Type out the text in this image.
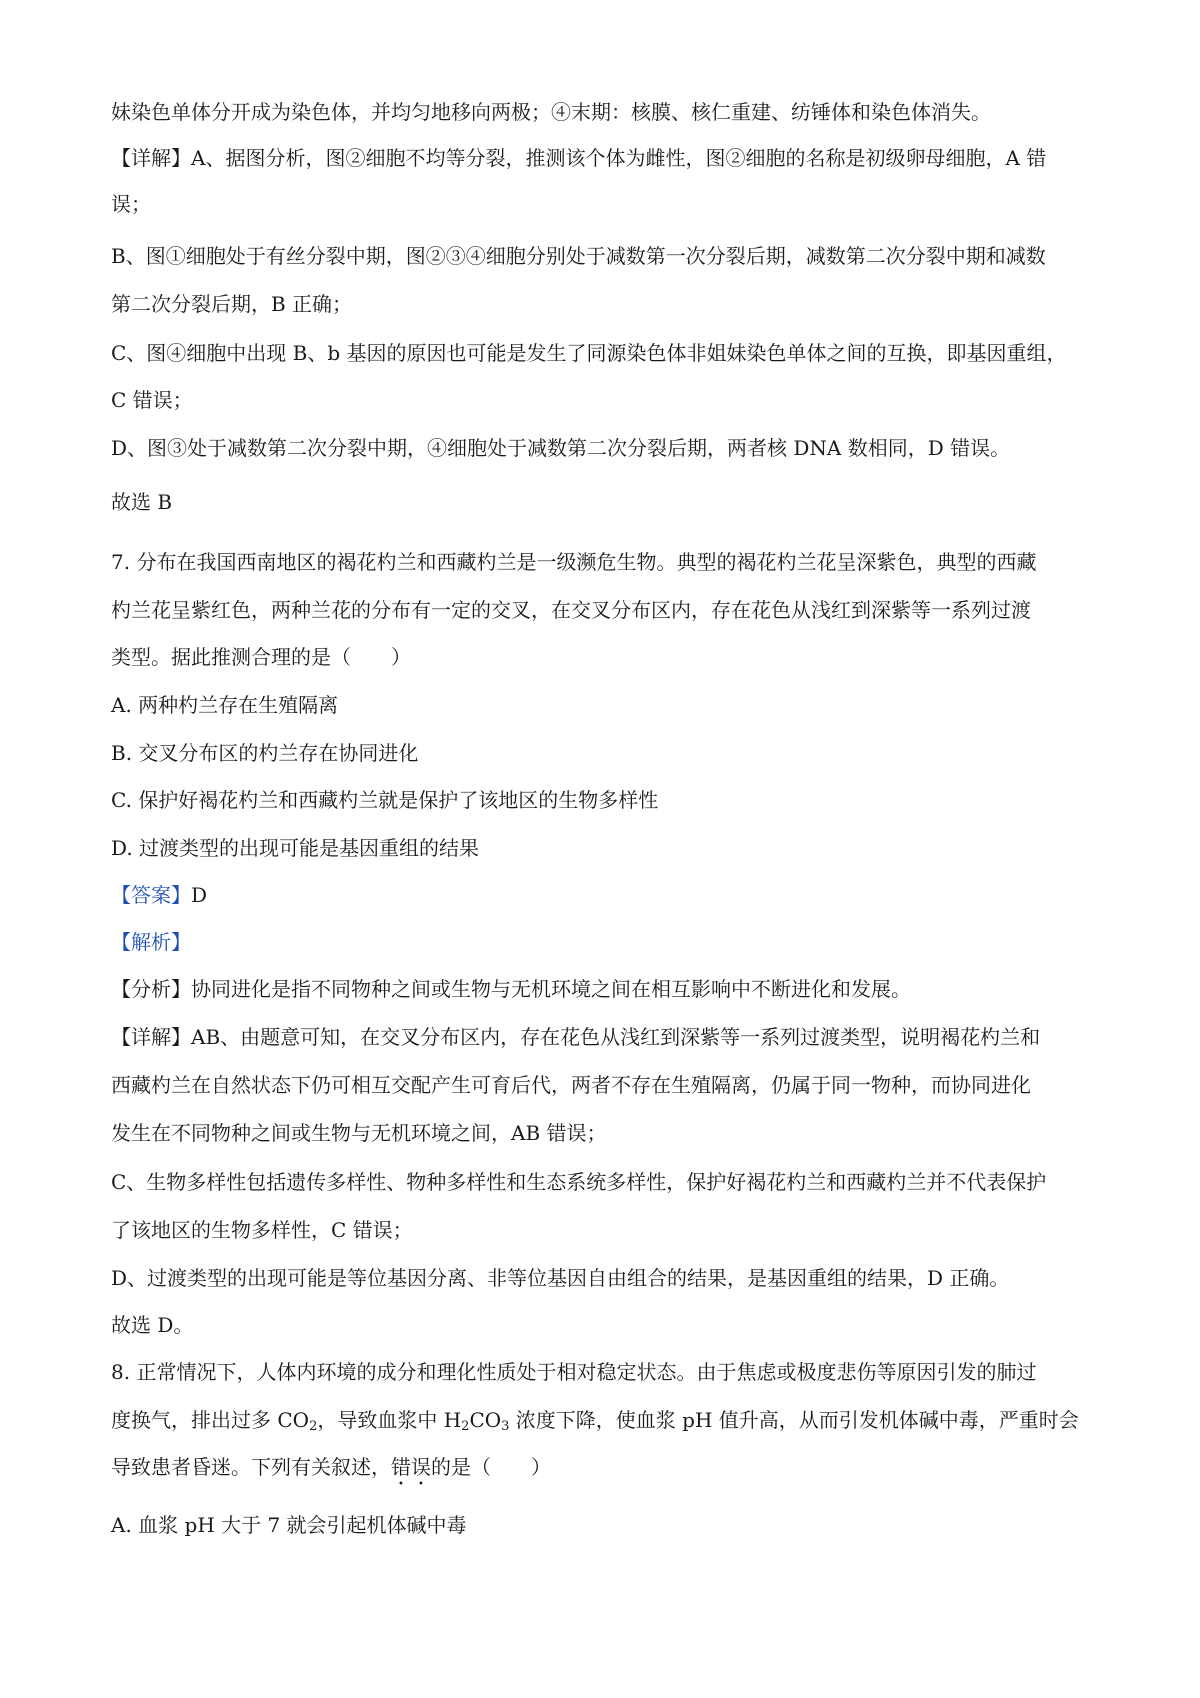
妹染色单体分开成为染色体，并均匀地移向两极；④末期：核膜、核仁重建、纺锤体和染色体消失。
【详解】A、据图分析，图②细胞不均等分裂，推测该个体为雌性，图②细胞的名称是初级卵母细胞，A 错
误；
B、图①细胞处于有丝分裂中期，图②③④细胞分别处于减数第一次分裂后期，减数第二次分裂中期和减数
第二次分裂后期，B 正确；
C、图④细胞中出现 B、b 基因的原因也可能是发生了同源染色体非姐妹染色单体之间的互换，即基因重组，
C 错误；
D、图③处于减数第二次分裂中期，④细胞处于减数第二次分裂后期，两者核 DNA 数相同，D 错误。
故选 B
7. 分布在我国西南地区的褐花杓兰和西藏杓兰是一级濒危生物。典型的褐花杓兰花呈深紫色，典型的西藏
杓兰花呈紫红色，两种兰花的分布有一定的交叉，在交叉分布区内，存在花色从浅红到深紫等一系列过渡
类型。据此推测合理的是（　　）
A. 两种杓兰存在生殖隔离
B. 交叉分布区的杓兰存在协同进化
C. 保护好褐花杓兰和西藏杓兰就是保护了该地区的生物多样性
D. 过渡类型的出现可能是基因重组的结果
【答案】D
【解析】
【分析】协同进化是指不同物种之间或生物与无机环境之间在相互影响中不断进化和发展。
【详解】AB、由题意可知，在交叉分布区内，存在花色从浅红到深紫等一系列过渡类型，说明褐花杓兰和
西藏杓兰在自然状态下仍可相互交配产生可育后代，两者不存在生殖隔离，仍属于同一物种，而协同进化
发生在不同物种之间或生物与无机环境之间，AB 错误；
C、生物多样性包括遗传多样性、物种多样性和生态系统多样性，保护好褐花杓兰和西藏杓兰并不代表保护
了该地区的生物多样性，C 错误；
D、过渡类型的出现可能是等位基因分离、非等位基因自由组合的结果，是基因重组的结果，D 正确。
故选 D。
8. 正常情况下，人体内环境的成分和理化性质处于相对稳定状态。由于焦虑或极度悲伤等原因引发的肺过
度换气，排出过多 $CO_2$，导致血浆中 $H_2CO_3$ 浓度下降，使血浆 pH 值升高，从而引发机体碱中毒，严重时会
导致患者昏迷。下列有关叙述，错误的是（　　）
A. 血浆 pH 大于 7 就会引起机体碱中毒
